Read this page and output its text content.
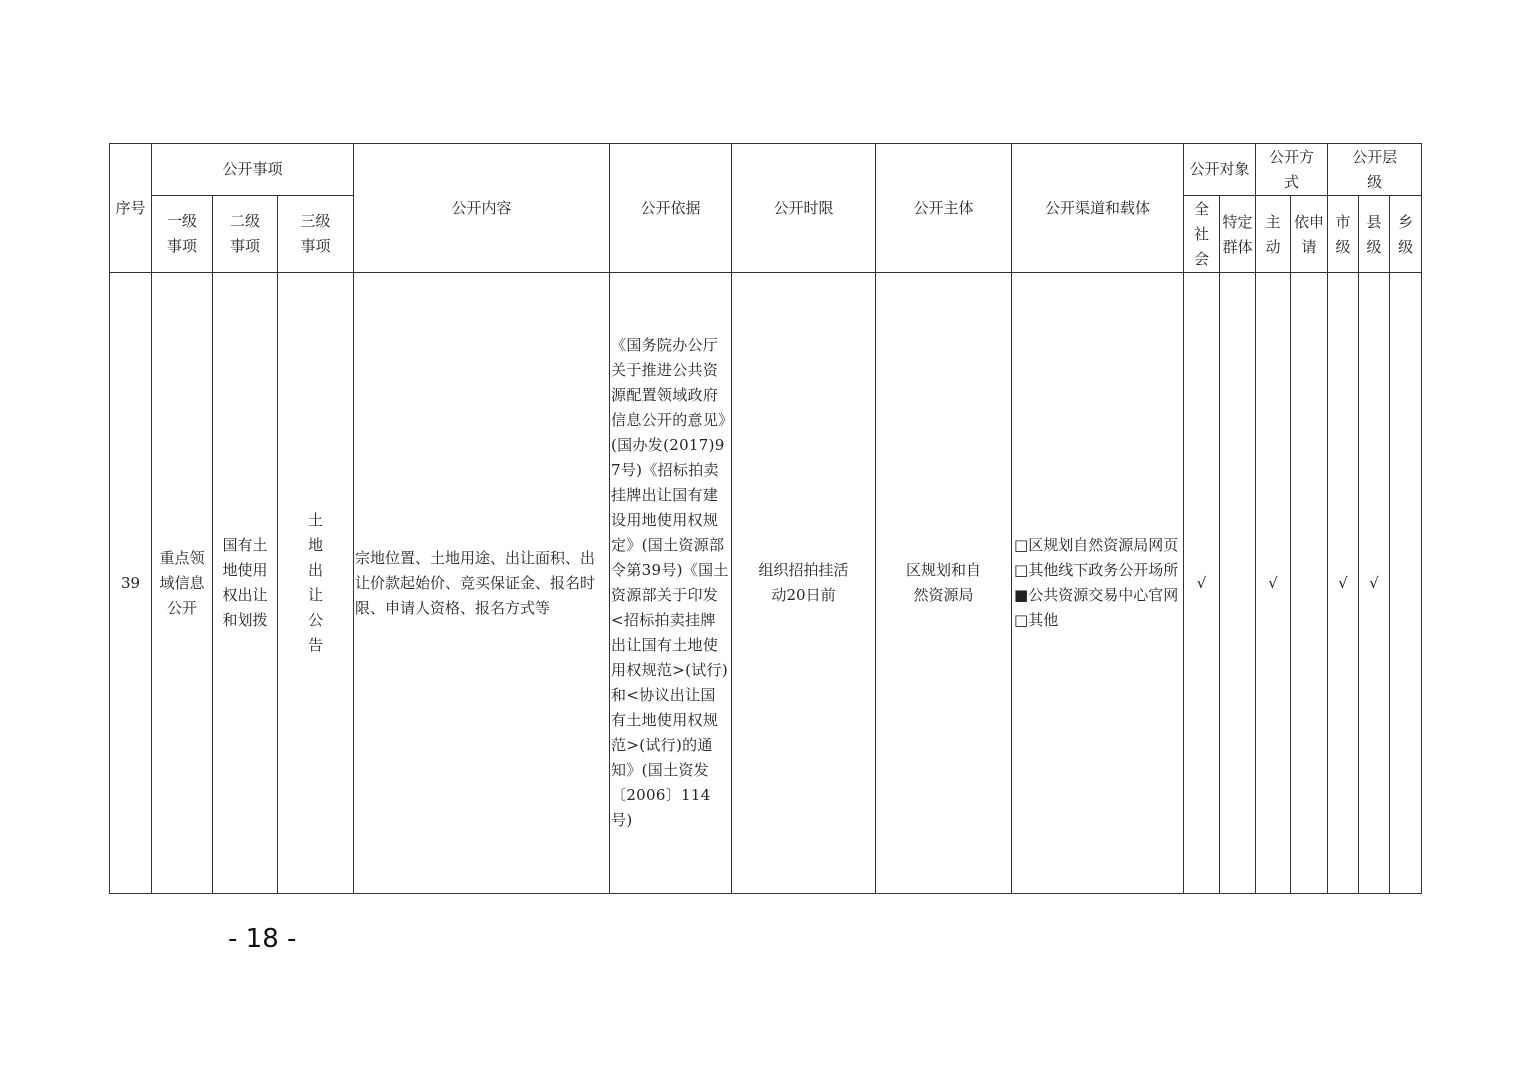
序号	公开事项			公开内容	公开依据	公开时限	公开主体	公开渠道和载体	公开对象		公开方式		公开层级		
	一级事项	二级事项	三级事项						全社会	特定群体	主动	依申请	市级	县级	乡级
39	重点领域信息公开	国有土地使用权出让和划拨	土地出让公告	宗地位置、土地用途、出让面积、出让价款起始价、竞买保证金、报名时限、申请人资格、报名方式等	《国务院办公厅关于推进公共资源配置领域政府信息公开的意见》(国办发(2017)97号)《招标拍卖挂牌出让国有建设用地使用权规定》(国土资源部令第39号)《国土资源部关于印发<招标拍卖挂牌出让国有土地使用权规范>(试行)和<协议出让国有土地使用权规范>(试行)的通知》(国土资发〔2006〕114号)	组织招拍挂活动20日前	区规划和自然资源局	□区规划自然资源局网页
□其他线下政务公开场所
■公共资源交易中心官网
□其他	√		√		√	√	
- 18 -
